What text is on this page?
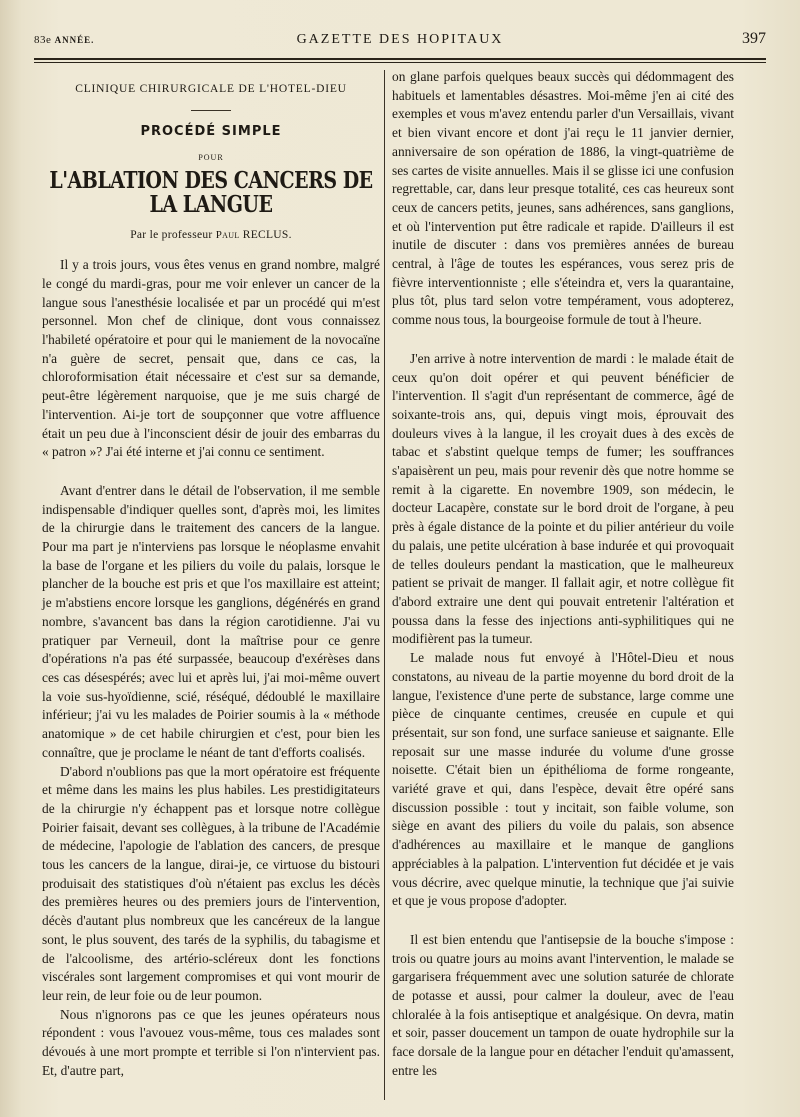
83e ANNÉE.	GAZETTE DES HOPITAUX	397
CLINIQUE CHIRURGICALE DE L'HOTEL-DIEU
PROCÉDÉ SIMPLE
POUR
L'ABLATION DES CANCERS DE LA LANGUE
Par le professeur Paul RECLUS.

Il y a trois jours, vous êtes venus en grand nombre, malgré le congé du mardi-gras, pour me voir enlever un cancer de la langue sous l'anesthésie localisée et par un procédé qui m'est personnel. Mon chef de clinique, dont vous connaissez l'habileté opératoire et pour qui le maniement de la novocaïne n'a guère de secret, pensait que, dans ce cas, la chloroformisation était nécessaire et c'est sur sa demande, peut-être légèrement narquoise, que je me suis chargé de l'intervention. Ai-je tort de soupçonner que votre affluence était un peu due à l'inconscient désir de jouir des embarras du « patron »? J'ai été interne et j'ai connu ce sentiment.

Avant d'entrer dans le détail de l'observation, il me semble indispensable d'indiquer quelles sont, d'après moi, les limites de la chirurgie dans le traitement des cancers de la langue. Pour ma part je n'interviens pas lorsque le néoplasme envahit la base de l'organe et les piliers du voile du palais, lorsque le plancher de la bouche est pris et que l'os maxillaire est atteint; je m'abstiens encore lorsque les ganglions, dégénérés en grand nombre, s'avancent bas dans la région carotidienne. J'ai vu pratiquer par Verneuil, dont la maîtrise pour ce genre d'opérations n'a pas été surpassée, beaucoup d'exérèses dans ces cas désespérés; avec lui et après lui, j'ai moi-même ouvert la voie sus-hyoïdienne, scié, réséqué, dédoublé le maxillaire inférieur; j'ai vu les malades de Poirier soumis à la « méthode anatomique » de cet habile chirurgien et c'est, pour bien les connaître, que je proclame le néant de tant d'efforts coalisés.

D'abord n'oublions pas que la mort opératoire est fréquente et même dans les mains les plus habiles. Les prestidigitateurs de la chirurgie n'y échappent pas et lorsque notre collègue Poirier faisait, devant ses collègues, à la tribune de l'Académie de médecine, l'apologie de l'ablation des cancers, de presque tous les cancers de la langue, dirai-je, ce virtuose du bistouri produisait des statistiques d'où n'étaient pas exclus les décès des premières heures ou des premiers jours de l'intervention, décès d'autant plus nombreux que les cancéreux de la langue sont, le plus souvent, des tarés de la syphilis, du tabagisme et de l'alcoolisme, des artério-scléreux dont les fonctions viscérales sont largement compromises et qui vont mourir de leur rein, de leur foie ou de leur poumon.

Nous n'ignorons pas ce que les jeunes opérateurs nous répondent : vous l'avouez vous-même, tous ces malades sont dévoués à une mort prompte et terrible si l'on n'intervient pas. Et, d'autre part,

on glane parfois quelques beaux succès qui dédommagent des habituels et lamentables désastres. Moi-même j'en ai cité des exemples et vous m'avez entendu parler d'un Versaillais, vivant et bien vivant encore et dont j'ai reçu le 11 janvier dernier, anniversaire de son opération de 1886, la vingt-quatrième de ses cartes de visite annuelles. Mais il se glisse ici une confusion regrettable, car, dans leur presque totalité, ces cas heureux sont ceux de cancers petits, jeunes, sans adhérences, sans ganglions, et où l'intervention put être radicale et rapide. D'ailleurs il est inutile de discuter : dans vos premières années de bureau central, à l'âge de toutes les espérances, vous serez pris de fièvre interventionniste ; elle s'éteindra et, vers la quarantaine, plus tôt, plus tard selon votre tempérament, vous adopterez, comme nous tous, la bourgeoise formule de tout à l'heure.

J'en arrive à notre intervention de mardi : le malade était de ceux qu'on doit opérer et qui peuvent bénéficier de l'intervention. Il s'agit d'un représentant de commerce, âgé de soixante-trois ans, qui, depuis vingt mois, éprouvait des douleurs vives à la langue, il les croyait dues à des excès de tabac et s'abstint quelque temps de fumer; les souffrances s'apaisèrent un peu, mais pour revenir dès que notre homme se remit à la cigarette. En novembre 1909, son médecin, le docteur Lacapère, constate sur le bord droit de l'organe, à peu près à égale distance de la pointe et du pilier antérieur du voile du palais, une petite ulcération à base indurée et qui provoquait de telles douleurs pendant la mastication, que le malheureux patient se privait de manger. Il fallait agir, et notre collègue fit d'abord extraire une dent qui pouvait entretenir l'altération et poussa dans la fesse des injections anti-syphilitiques qui ne modifièrent pas la tumeur.

Le malade nous fut envoyé à l'Hôtel-Dieu et nous constatons, au niveau de la partie moyenne du bord droit de la langue, l'existence d'une perte de substance, large comme une pièce de cinquante centimes, creusée en cupule et qui présentait, sur son fond, une surface sanieuse et saignante. Elle reposait sur une masse indurée du volume d'une grosse noisette. C'était bien un épithélioma de forme rongeante, variété grave et qui, dans l'espèce, devait être opéré sans discussion possible : tout y incitait, son faible volume, son siège en avant des piliers du voile du palais, son absence d'adhérences au maxillaire et le manque de ganglions appréciables à la palpation. L'intervention fut décidée et je vais vous décrire, avec quelque minutie, la technique que j'ai suivie et que je vous propose d'adopter.

Il est bien entendu que l'antisepsie de la bouche s'impose : trois ou quatre jours au moins avant l'intervention, le malade se gargarisera fréquemment avec une solution saturée de chlorate de potasse et aussi, pour calmer la douleur, avec de l'eau chloralée à la fois antiseptique et analgésique. On devra, matin et soir, passer doucement un tampon de ouate hydrophile sur la face dorsale de la langue pour en détacher l'enduit qu'amassent, entre les
